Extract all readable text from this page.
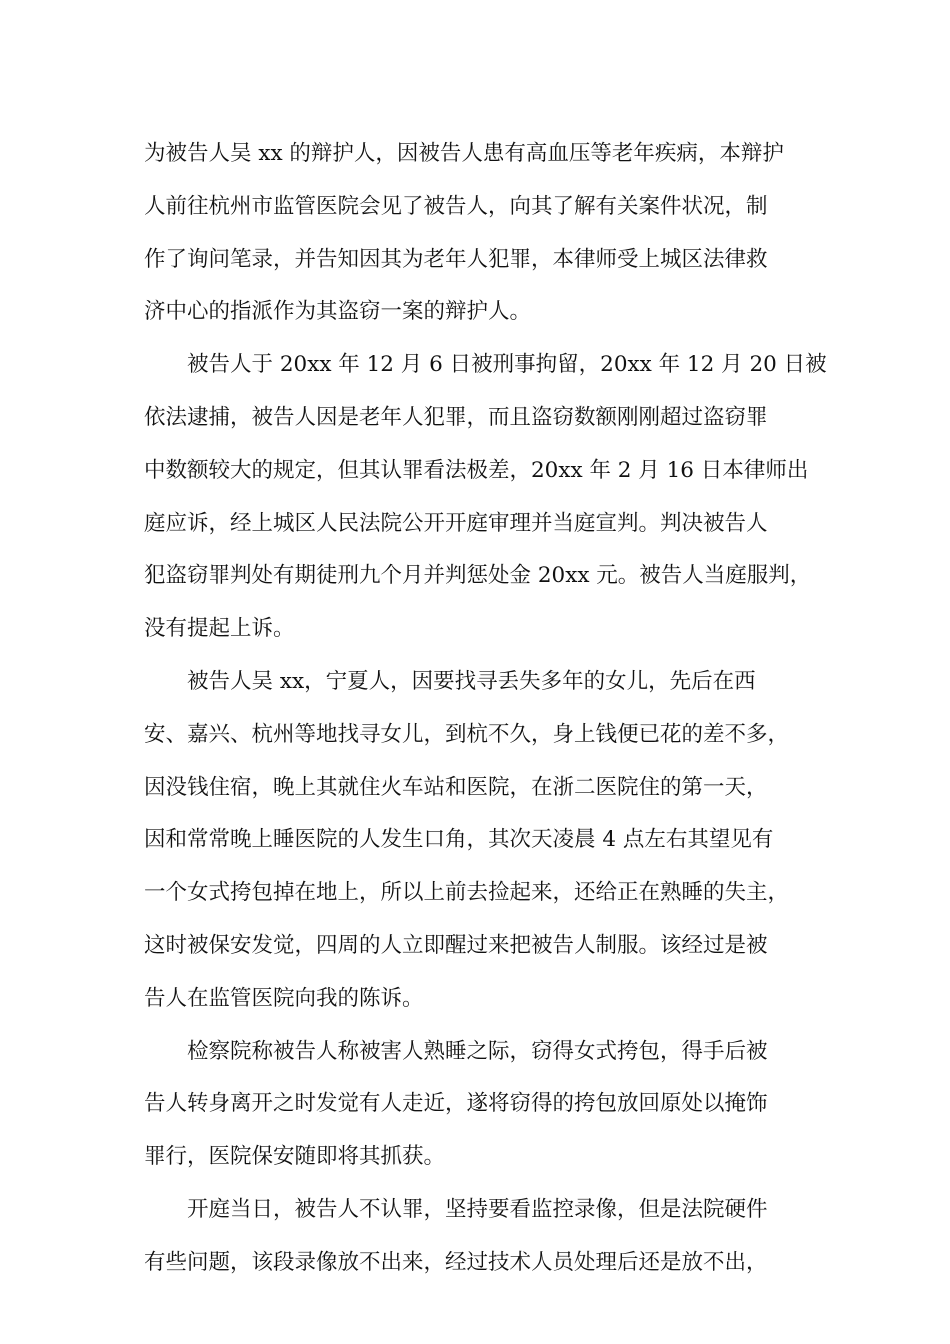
为被告人吴 xx 的辩护人，因被告人患有高血压等老年疾病，本辩护
人前往杭州市监管医院会见了被告人，向其了解有关案件状况，制
作了询问笔录，并告知因其为老年人犯罪，本律师受上城区法律救
济中心的指派作为其盗窃一案的辩护人。
　　被告人于 20xx 年 12 月 6 日被刑事拘留，20xx 年 12 月 20 日被
依法逮捕，被告人因是老年人犯罪，而且盗窃数额刚刚超过盗窃罪
中数额较大的规定，但其认罪看法极差，20xx 年 2 月 16 日本律师出
庭应诉，经上城区人民法院公开开庭审理并当庭宣判。判决被告人
犯盗窃罪判处有期徒刑九个月并判惩处金 20xx 元。被告人当庭服判，
没有提起上诉。
　　被告人吴 xx，宁夏人，因要找寻丢失多年的女儿，先后在西
安、嘉兴、杭州等地找寻女儿，到杭不久，身上钱便已花的差不多，
因没钱住宿，晚上其就住火车站和医院，在浙二医院住的第一天，
因和常常晚上睡医院的人发生口角，其次天凌晨 4 点左右其望见有
一个女式挎包掉在地上，所以上前去捡起来，还给正在熟睡的失主，
这时被保安发觉，四周的人立即醒过来把被告人制服。该经过是被
告人在监管医院向我的陈诉。
　　检察院称被告人称被害人熟睡之际，窃得女式挎包，得手后被
告人转身离开之时发觉有人走近，遂将窃得的挎包放回原处以掩饰
罪行，医院保安随即将其抓获。
　　开庭当日，被告人不认罪，坚持要看监控录像，但是法院硬件
有些问题，该段录像放不出来，经过技术人员处理后还是放不出，
